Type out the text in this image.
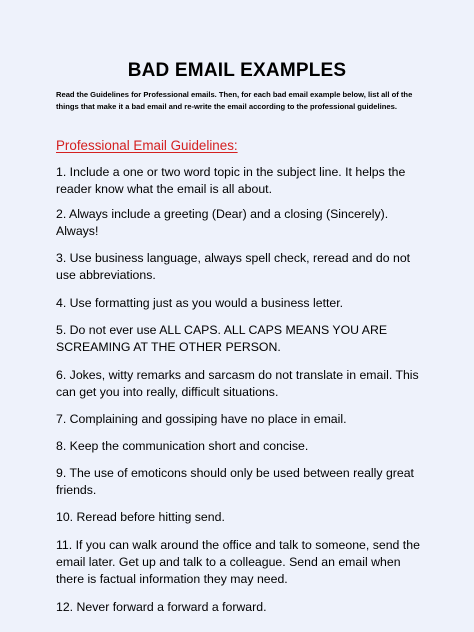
BAD EMAIL EXAMPLES

Read the Guidelines for Professional emails. Then, for each bad email example below, list all of the things that make it a bad email and re-write the email according to the professional guidelines.

Professional Email Guidelines:
1. Include a one or two word topic in the subject line. It helps the reader know what the email is all about.
2. Always include a greeting (Dear) and a closing (Sincerely). Always!
3. Use business language, always spell check, reread and do not use abbreviations.
4. Use formatting just as you would a business letter.
5. Do not ever use ALL CAPS. ALL CAPS MEANS YOU ARE SCREAMING AT THE OTHER PERSON.
6. Jokes, witty remarks and sarcasm do not translate in email. This can get you into really, difficult situations.
7. Complaining and gossiping have no place in email.
8. Keep the communication short and concise.
9. The use of emoticons should only be used between really great friends.
10. Reread before hitting send.
11. If you can walk around the office and talk to someone, send the email later. Get up and talk to a colleague. Send an email when there is factual information they may need.
12. Never forward a forward a forward.
